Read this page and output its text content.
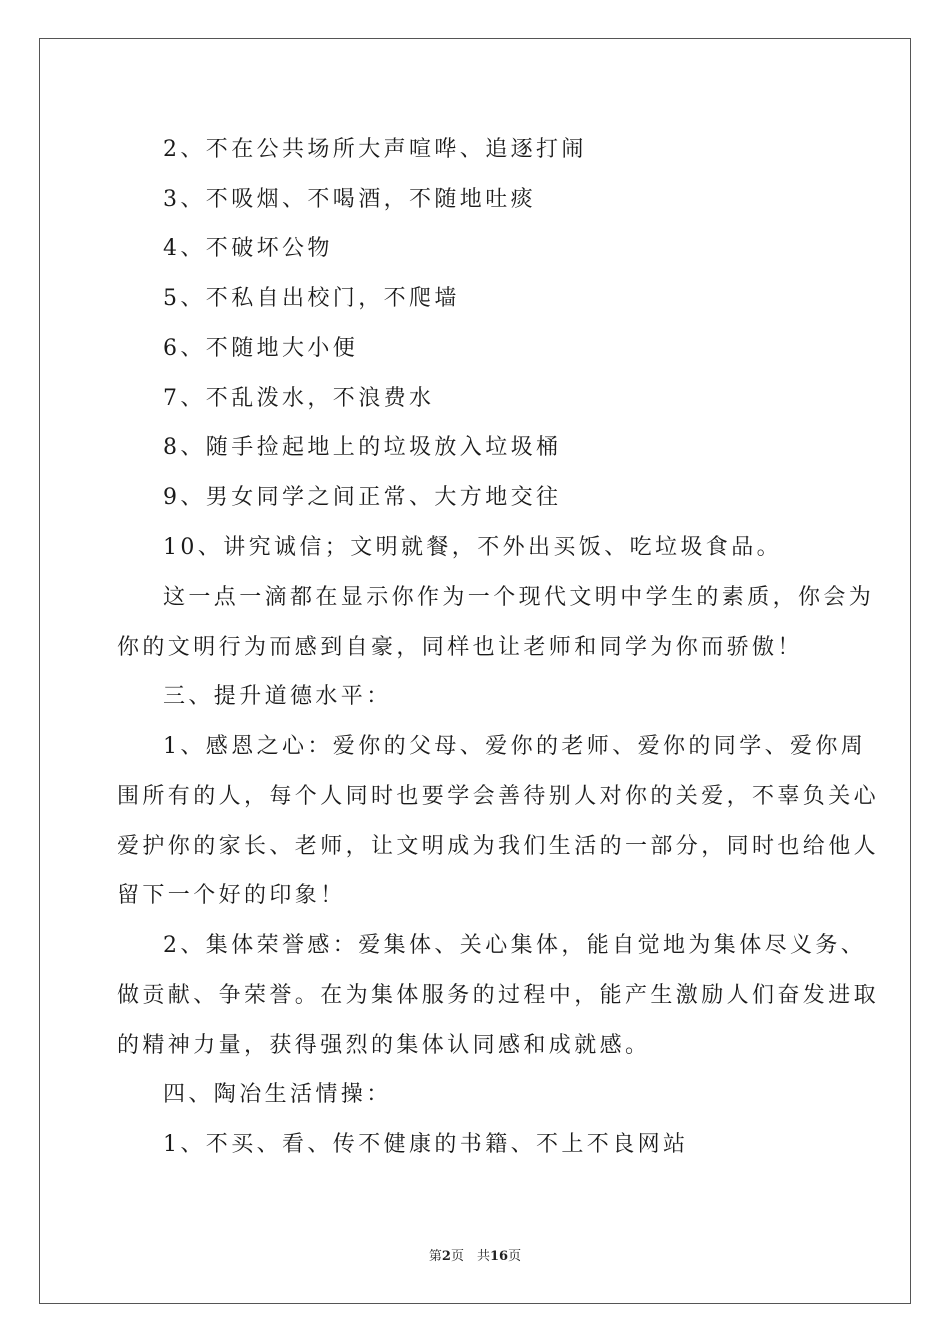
2、不在公共场所大声喧哗、追逐打闹
3、不吸烟、不喝酒，不随地吐痰
4、不破坏公物
5、不私自出校门，不爬墙
6、不随地大小便
7、不乱泼水，不浪费水
8、随手捡起地上的垃圾放入垃圾桶
9、男女同学之间正常、大方地交往
10、讲究诚信；文明就餐，不外出买饭、吃垃圾食品。
这一点一滴都在显示你作为一个现代文明中学生的素质，你会为
你的文明行为而感到自豪，同样也让老师和同学为你而骄傲！
三、提升道德水平：
1、感恩之心：爱你的父母、爱你的老师、爱你的同学、爱你周
围所有的人，每个人同时也要学会善待别人对你的关爱，不辜负关心
爱护你的家长、老师，让文明成为我们生活的一部分，同时也给他人
留下一个好的印象！
2、集体荣誉感：爱集体、关心集体，能自觉地为集体尽义务、
做贡献、争荣誉。在为集体服务的过程中，能产生激励人们奋发进取
的精神力量，获得强烈的集体认同感和成就感。
四、陶冶生活情操：
1、不买、看、传不健康的书籍、不上不良网站
第2页　共16页
